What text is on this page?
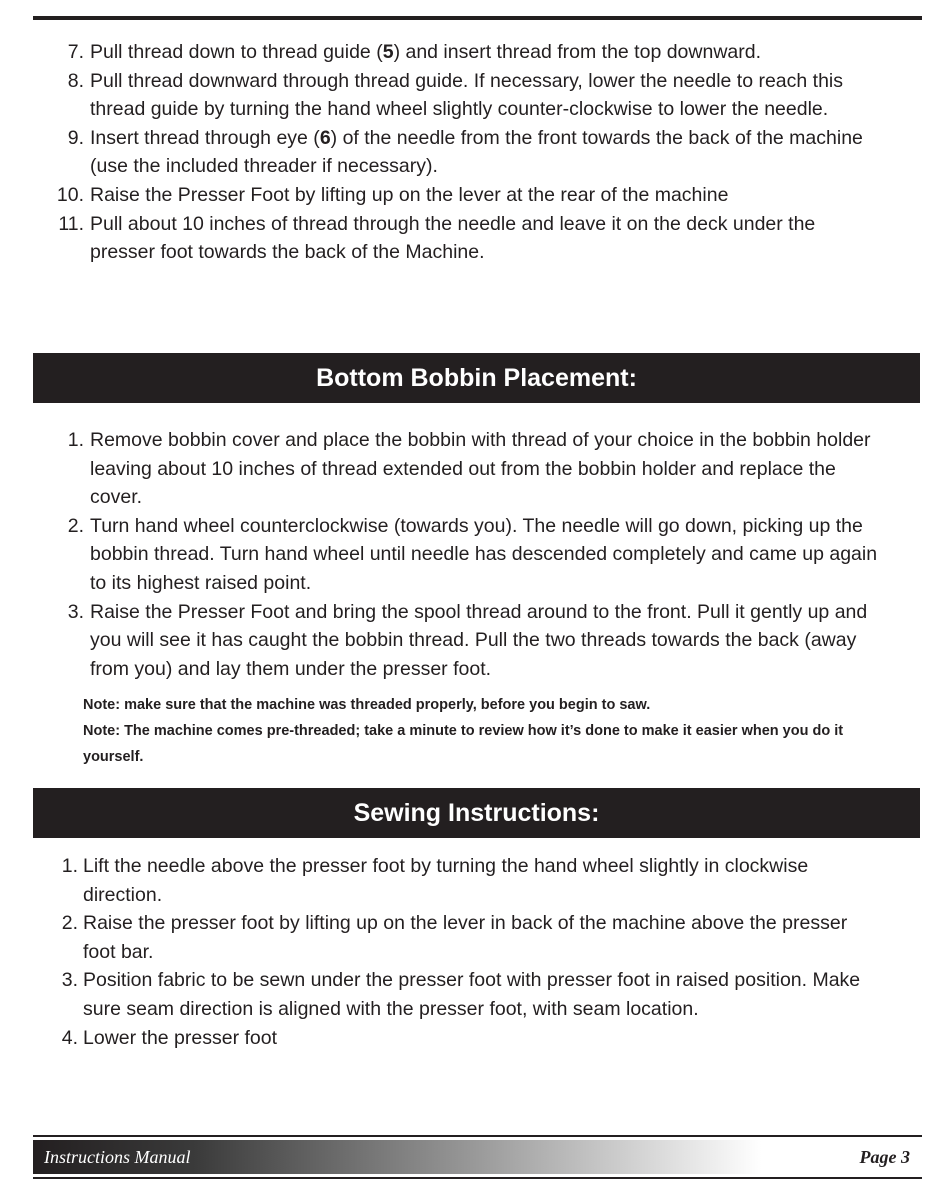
7. Pull thread down to thread guide (5) and insert thread from the top downward.
8. Pull thread downward through thread guide. If necessary, lower the needle to reach this thread guide by turning the hand wheel slightly counter-clockwise to lower the needle.
9. Insert thread through eye (6) of the needle from the front towards the back of the machine (use the included threader if necessary).
10. Raise the Presser Foot by lifting up on the lever at the rear of the machine
11. Pull about 10 inches of thread through the needle and leave it on the deck under the presser foot towards the back of the Machine.
Bottom Bobbin Placement:
1. Remove bobbin cover and place the bobbin with thread of your choice in the bobbin holder leaving about 10 inches of thread extended out from the bobbin holder and replace the cover.
2. Turn hand wheel counterclockwise (towards you). The needle will go down, picking up the bobbin thread. Turn hand wheel until needle has descended completely and came up again to its highest raised point.
3. Raise the Presser Foot and bring the spool thread around to the front. Pull it gently up and you will see it has caught the bobbin thread. Pull the two threads towards the back (away from you) and lay them under the presser foot.
Note: make sure that the machine was threaded properly, before you begin to saw.
Note: The machine comes pre-threaded; take a minute to review how it’s done to make it easier when you do it yourself.
Sewing Instructions:
1. Lift the needle above the presser foot by turning the hand wheel slightly in clockwise direction.
2. Raise the presser foot by lifting up on the lever in back of the machine above the presser foot bar.
3. Position fabric to be sewn under the presser foot with presser foot in raised position. Make sure seam direction is aligned with the presser foot, with seam location.
4. Lower the presser foot
Instructions Manual	Page 3
